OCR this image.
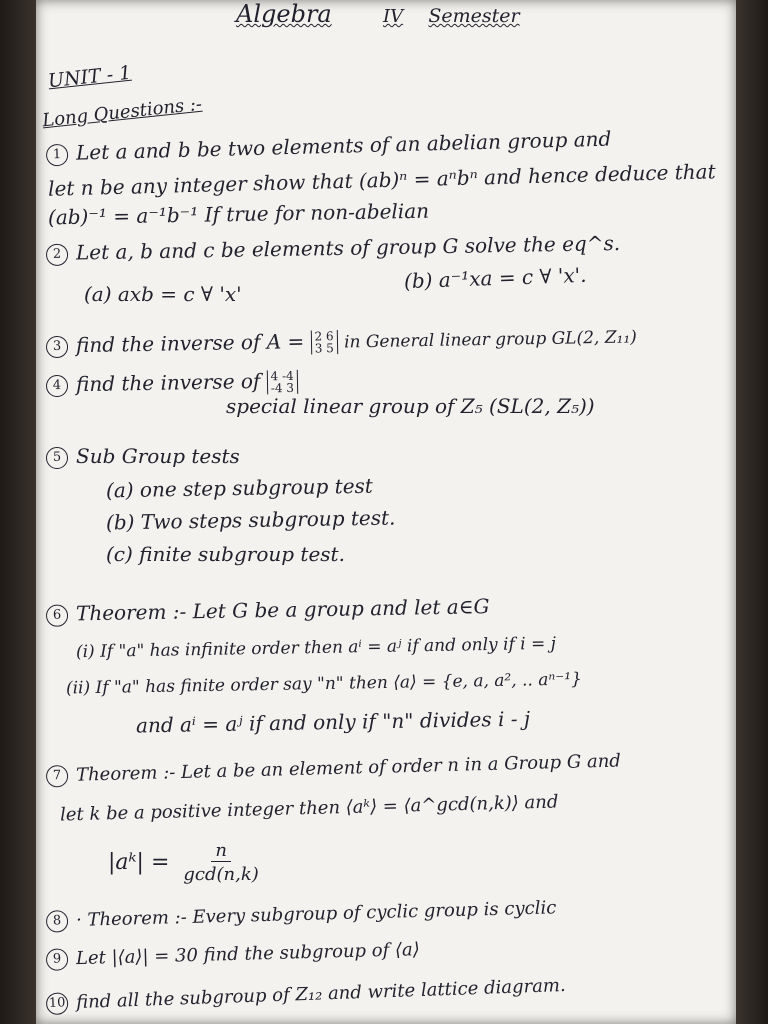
Algebra	IV Semester
UNIT - 1
Long Questions :-
1 Let a and b be two elements of an abelian group and
let n be any integer show that (ab)ⁿ = aⁿbⁿ and hence deduce that
(ab)⁻¹ = a⁻¹b⁻¹ If true for non-abelian
2 Let a, b and c be elements of group G solve the eq^s.
(a) axb = c ∀ 'x'
(b) a⁻¹xa = c ∀ 'x'.
3 find the inverse of A = 2 6
3 5 in General linear group GL(2, Z₁₁)
4 find the inverse of 4 -4
-4 3
special linear group of Z₅ (SL(2, Z₅))
5 Sub Group tests
(a) one step subgroup test
(b) Two steps subgroup test.
(c) finite subgroup test.
6 Theorem :- Let G be a group and let a∈G
(i) If "a" has infinite order then aⁱ = aʲ if and only if i = j
(ii) If "a" has finite order say "n" then ⟨a⟩ = {e, a, a², .. aⁿ⁻¹}
and aⁱ = aʲ if and only if "n" divides i - j
7 Theorem :- Let a be an element of order n in a Group G and
let k be a positive integer then ⟨aᵏ⟩ = ⟨a^gcd(n,k)⟩ and
|aᵏ| = $\frac{n}{\gcd(n,k)}$
8 · Theorem :- Every subgroup of cyclic group is cyclic
9 Let |⟨a⟩| = 30 find the subgroup of ⟨a⟩
10 find all the subgroup of Z₁₂ and write lattice diagram.
